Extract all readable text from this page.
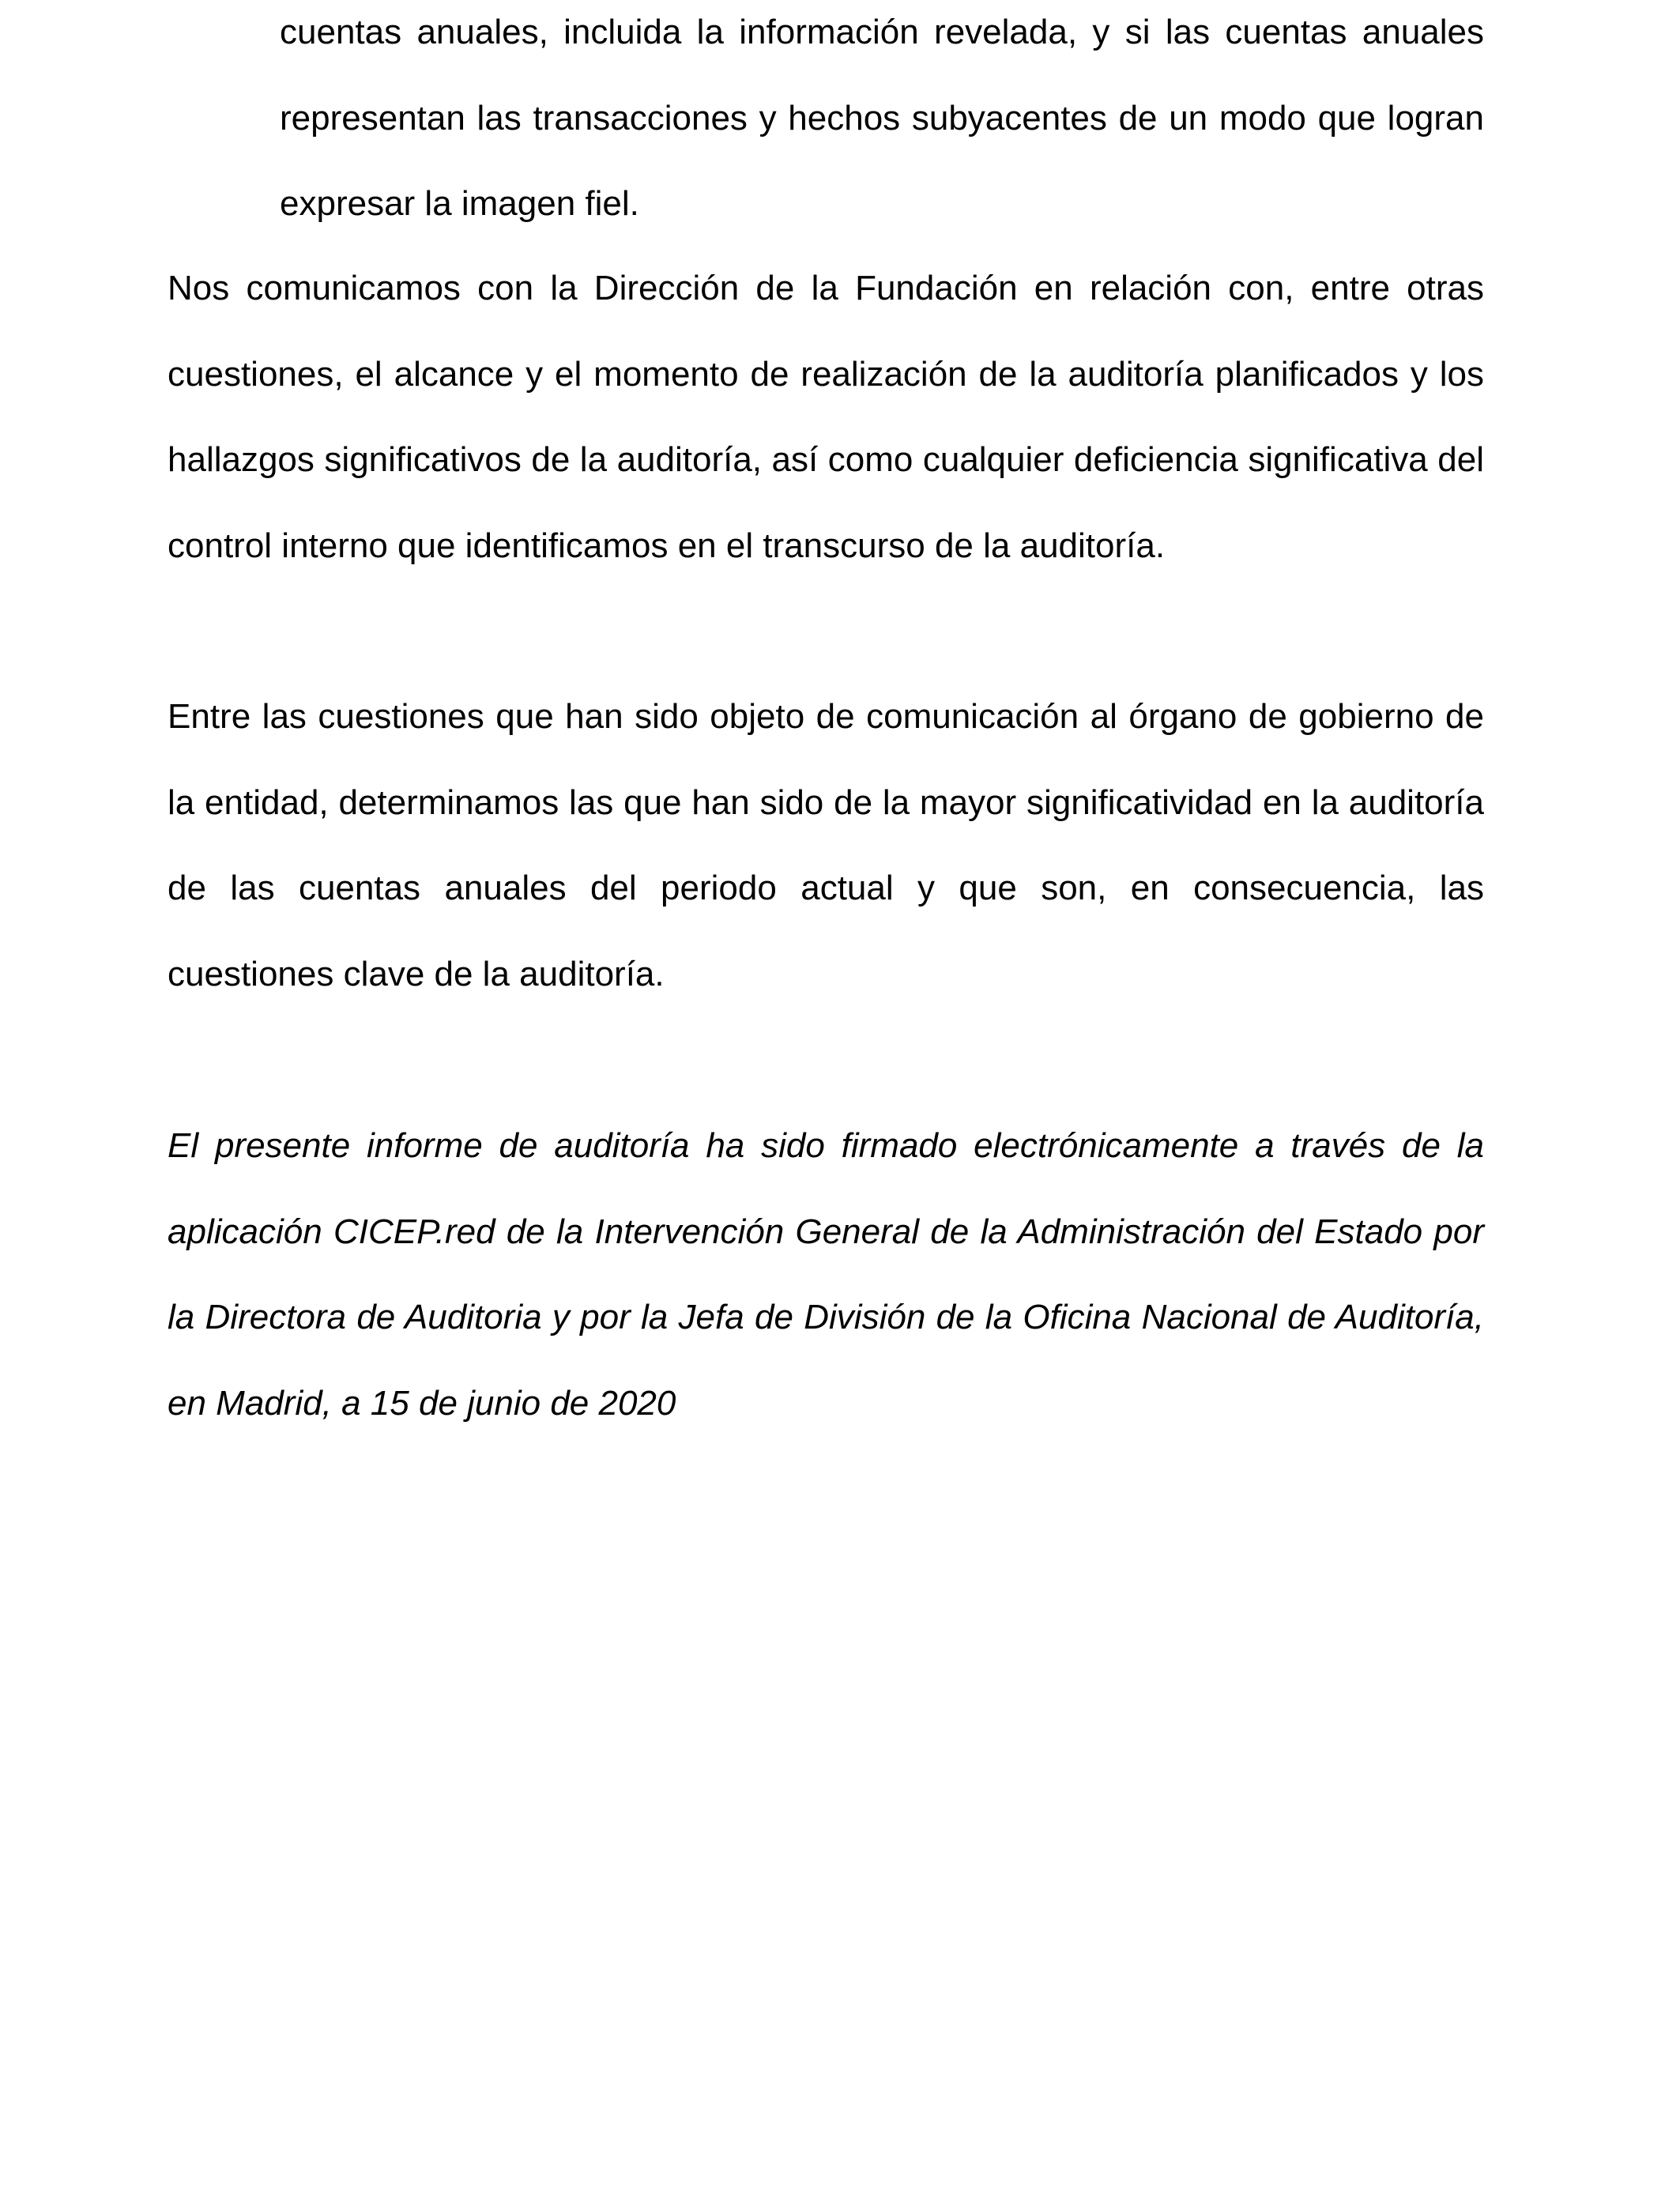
cuentas anuales, incluida la información revelada, y si las cuentas anuales representan las transacciones y hechos subyacentes de un modo que logran expresar la imagen fiel.

Nos comunicamos con la Dirección de la Fundación en relación con, entre otras cuestiones, el alcance y el momento de realización de la auditoría planificados y los hallazgos significativos de la auditoría, así como cualquier deficiencia significativa del control interno que identificamos en el transcurso de la auditoría.

Entre las cuestiones que han sido objeto de comunicación al órgano de gobierno de la entidad, determinamos las que han sido de la mayor significatividad en la auditoría de las cuentas anuales del periodo actual y que son, en consecuencia, las cuestiones clave de la auditoría.

El presente informe de auditoría ha sido firmado electrónicamente a través de la aplicación CICEP.red de la Intervención General de la Administración del Estado por la Directora de Auditoria y por la Jefa de División de la Oficina Nacional de Auditoría, en Madrid, a 15 de junio de 2020
